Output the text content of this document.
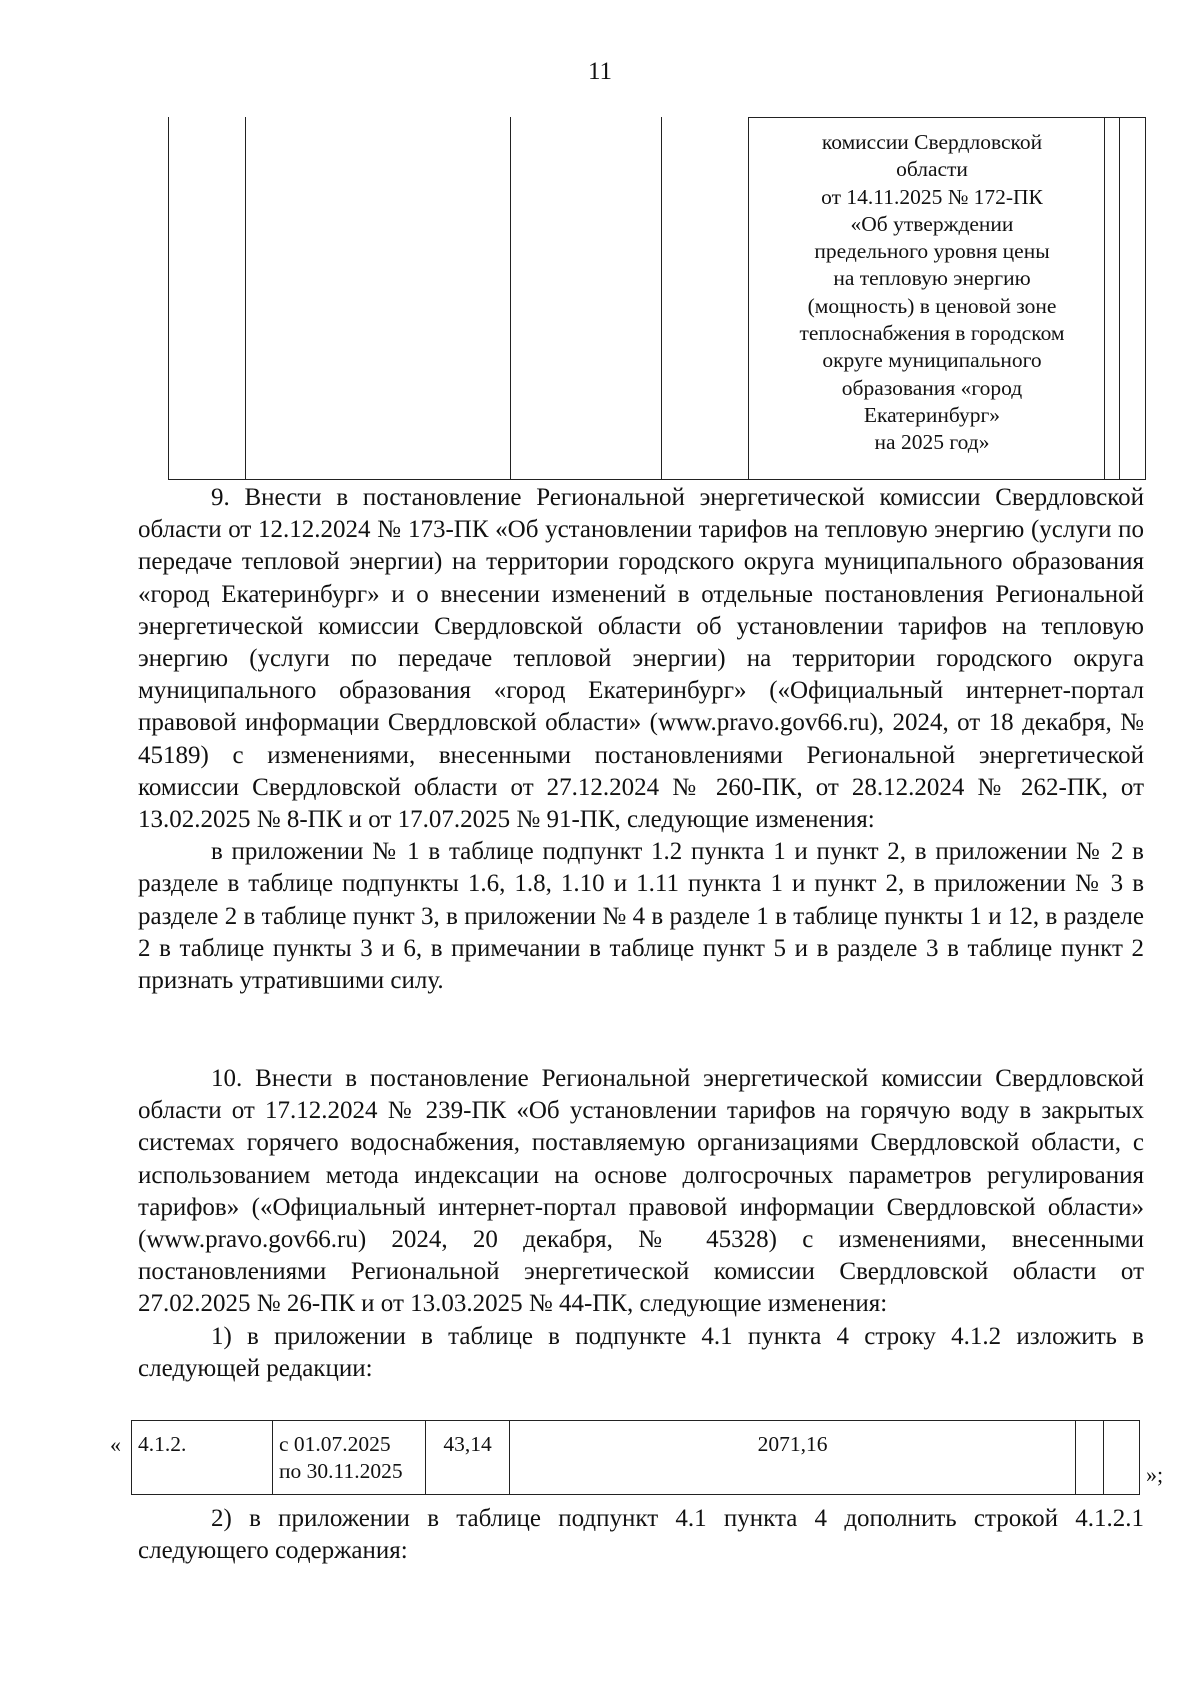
11
комиссии Свердловской
области
от 14.11.2025 № 172-ПК
«Об утверждении
предельного уровня цены
на тепловую энергию
(мощность) в ценовой зоне
теплоснабжения в городском
округе муниципального
образования «город
Екатеринбург»
на 2025 год»

9. Внести в постановление Региональной энергетической комиссии Свердловской области от 12.12.2024 № 173-ПК «Об установлении тарифов на тепловую энергию (услуги по передаче тепловой энергии) на территории городского округа муниципального образования «город Екатеринбург» и о внесении изменений в отдельные постановления Региональной энергетической комиссии Свердловской области об установлении тарифов на тепловую энергию (услуги по передаче тепловой энергии) на территории городского округа муниципального образования «город Екатеринбург» («Официальный интернет-портал правовой информации Свердловской области» (www.pravo.gov66.ru), 2024, от 18 декабря, № 45189) с изменениями, внесенными постановлениями Региональной энергетической комиссии Свердловской области от 27.12.2024 № 260-ПК, от 28.12.2024 № 262-ПК, от 13.02.2025 № 8-ПК и от 17.07.2025 № 91-ПК, следующие изменения:

в приложении № 1 в таблице подпункт 1.2 пункта 1 и пункт 2, в приложении № 2 в разделе в таблице подпункты 1.6, 1.8, 1.10 и 1.11 пункта 1 и пункт 2, в приложении № 3 в разделе 2 в таблице пункт 3, в приложении № 4 в разделе 1 в таблице пункты 1 и 12, в разделе 2 в таблице пункты 3 и 6, в примечании в таблице пункт 5 и в разделе 3 в таблице пункт 2 признать утратившими силу.

10. Внести в постановление Региональной энергетической комиссии Свердловской области от 17.12.2024 № 239-ПК «Об установлении тарифов на горячую воду в закрытых системах горячего водоснабжения, поставляемую организациями Свердловской области, с использованием метода индексации на основе долгосрочных параметров регулирования тарифов» («Официальный интернет-портал правовой информации Свердловской области» (www.pravo.gov66.ru) 2024, 20 декабря, № 45328) с изменениями, внесенными постановлениями Региональной энергетической комиссии Свердловской области от 27.02.2025 № 26-ПК и от 13.03.2025 № 44-ПК, следующие изменения:

1) в приложении в таблице в подпункте 4.1 пункта 4 строку 4.1.2 изложить в следующей редакции:

« 4.1.2.	с 01.07.2025
по 30.11.2025
43,14	2071,16
»;

2) в приложении в таблице подпункт 4.1 пункта 4 дополнить строкой 4.1.2.1 следующего содержания:
